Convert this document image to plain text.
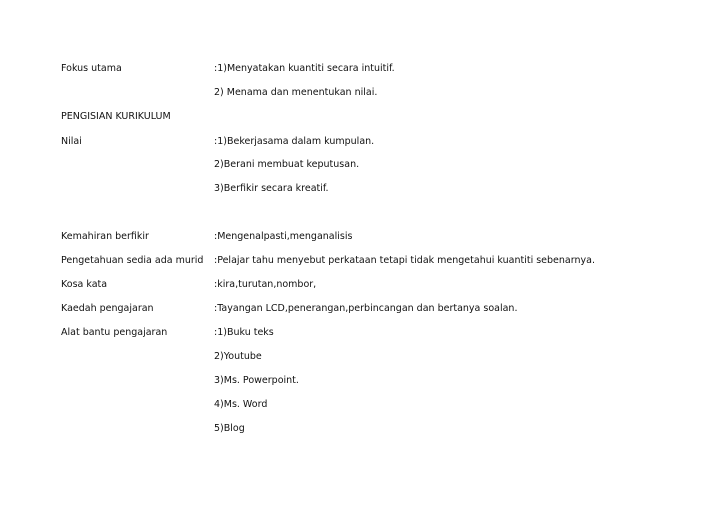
Fokus utama	:1)Menyatakan kuantiti secara intuitif.
2) Menama dan menentukan nilai.
PENGISIAN KURIKULUM
Nilai	:1)Bekerjasama dalam kumpulan.
2)Berani membuat keputusan.
3)Berfikir secara kreatif.
Kemahiran berfikir	:Mengenalpasti,menganalisis
Pengetahuan sedia ada murid :Pelajar tahu menyebut perkataan tetapi tidak mengetahui kuantiti sebenarnya.
Kosa kata	:kira,turutan,nombor,
Kaedah pengajaran	:Tayangan LCD,penerangan,perbincangan dan bertanya soalan.
Alat bantu pengajaran	:1)Buku teks
2)Youtube
3)Ms. Powerpoint.
4)Ms. Word
5)Blog
